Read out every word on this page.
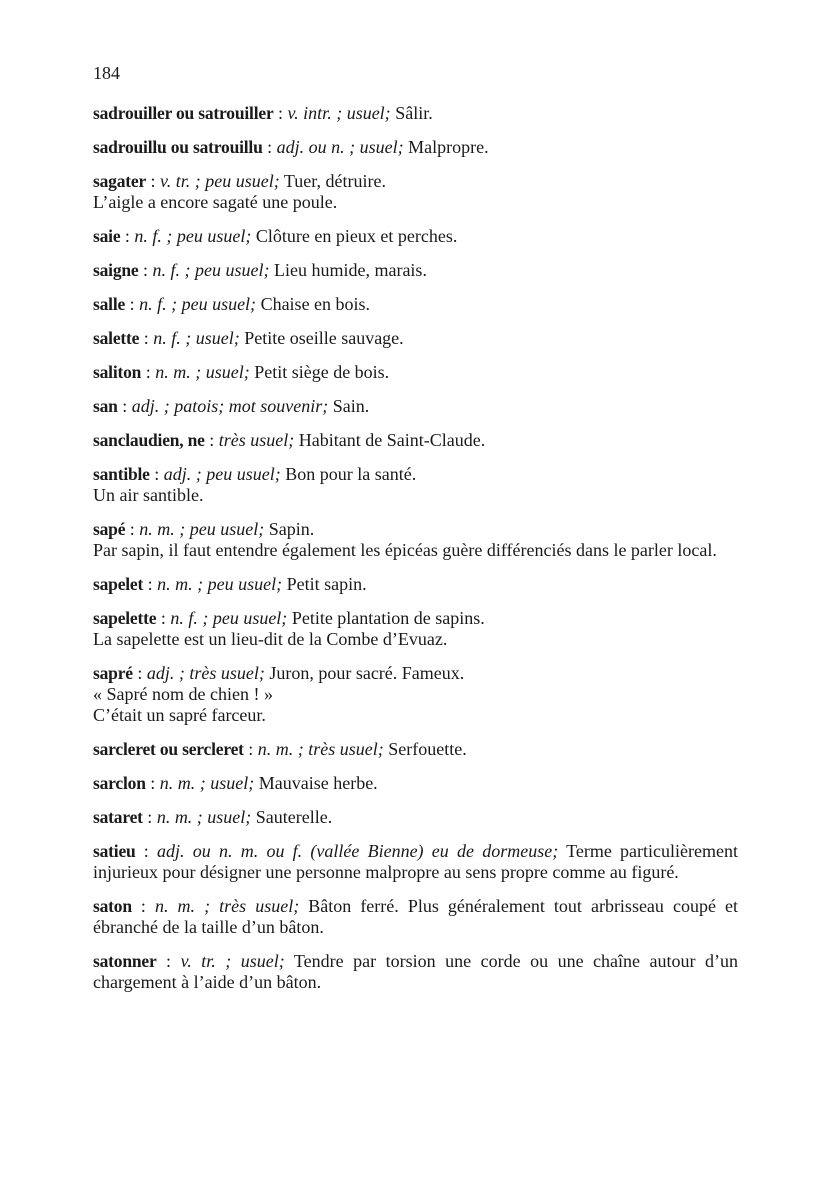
184

sadrouiller ou satrouiller : v. intr. ; usuel; Sâlir.

sadrouillu ou satrouillu : adj. ou n. ; usuel; Malpropre.

sagater : v. tr. ; peu usuel; Tuer, détruire.
L’aigle a encore sagaté une poule.

saie : n. f. ; peu usuel; Clôture en pieux et perches.

saigne : n. f. ; peu usuel; Lieu humide, marais.

salle : n. f. ; peu usuel; Chaise en bois.

salette : n. f. ; usuel; Petite oseille sauvage.

saliton : n. m. ; usuel; Petit siège de bois.

san : adj. ; patois; mot souvenir; Sain.

sanclaudien, ne : très usuel; Habitant de Saint-Claude.

santible : adj. ; peu usuel; Bon pour la santé.
Un air santible.

sapé : n. m. ; peu usuel; Sapin.
Par sapin, il faut entendre également les épicéas guère différenciés dans le parler local.

sapelet : n. m. ; peu usuel; Petit sapin.

sapelette : n. f. ; peu usuel; Petite plantation de sapins.
La sapelette est un lieu-dit de la Combe d’Evuaz.

sapré : adj. ; très usuel; Juron, pour sacré. Fameux.
« Sapré nom de chien ! »
C’était un sapré farceur.

sarcleret ou sercleret : n. m. ; très usuel; Serfouette.

sarclon : n. m. ; usuel; Mauvaise herbe.

sataret : n. m. ; usuel; Sauterelle.

satieu : adj. ou n. m. ou f. (vallée Bienne) eu de dormeuse; Terme particulièrement injurieux pour désigner une personne malpropre au sens propre comme au figuré.

saton : n. m. ; très usuel; Bâton ferré. Plus généralement tout arbrisseau coupé et ébranché de la taille d’un bâton.

satonner : v. tr. ; usuel; Tendre par torsion une corde ou une chaîne autour d’un chargement à l’aide d’un bâton.
